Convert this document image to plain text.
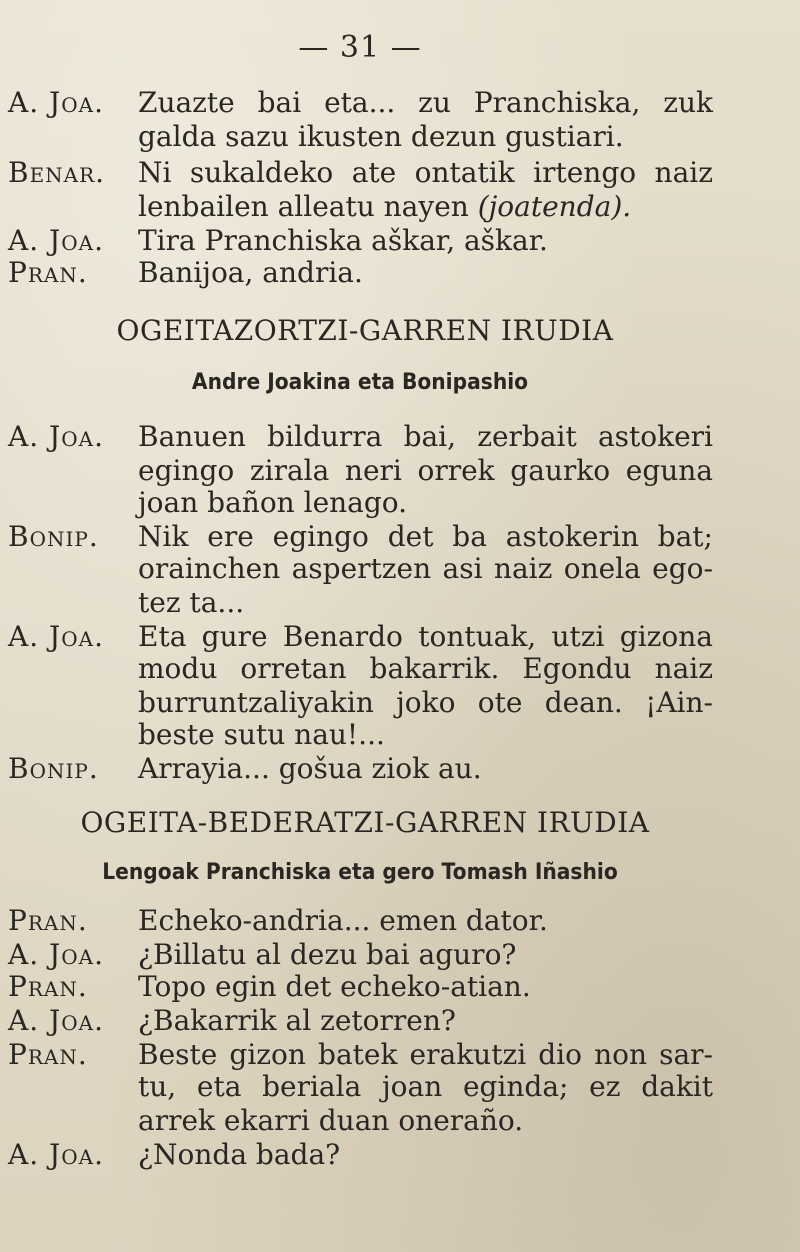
— 31 —
A. Joa. Zuazte bai eta... zu Pranchiska, zuk
galda sazu ikusten dezun gustiari.
Benar. Ni sukaldeko ate ontatik irtengo naiz
lenbailen alleatu nayen (joatenda).
A. Joa. Tira Pranchiska aškar, aškar.
Pran. Banijoa, andria.
OGEITAZORTZI-GARREN IRUDIA
Andre Joakina eta Bonipashio
A. Joa. Banuen bildurra bai, zerbait astokeri
egingo zirala neri orrek gaurko eguna
joan bañon lenago.
Bonip. Nik ere egingo det ba astokerin bat;
orainchen aspertzen asi naiz onela ego-
tez ta...
A. Joa. Eta gure Benardo tontuak, utzi gizona
modu orretan bakarrik. Egondu naiz
burruntzaliyakin joko ote dean. ¡Ain-
beste sutu nau!...
Bonip. Arrayia... gošua ziok au.
OGEITA-BEDERATZI-GARREN IRUDIA
Lengoak Pranchiska eta gero Tomash Iñashio
Pran. Echeko-andria... emen dator.
A. Joa. ¿Billatu al dezu bai aguro?
Pran. Topo egin det echeko-atian.
A. Joa. ¿Bakarrik al zetorren?
Pran. Beste gizon batek erakutzi dio non sar-
tu, eta beriala joan eginda; ez dakit
arrek ekarri duan oneraño.
A. Joa. ¿Nonda bada?
